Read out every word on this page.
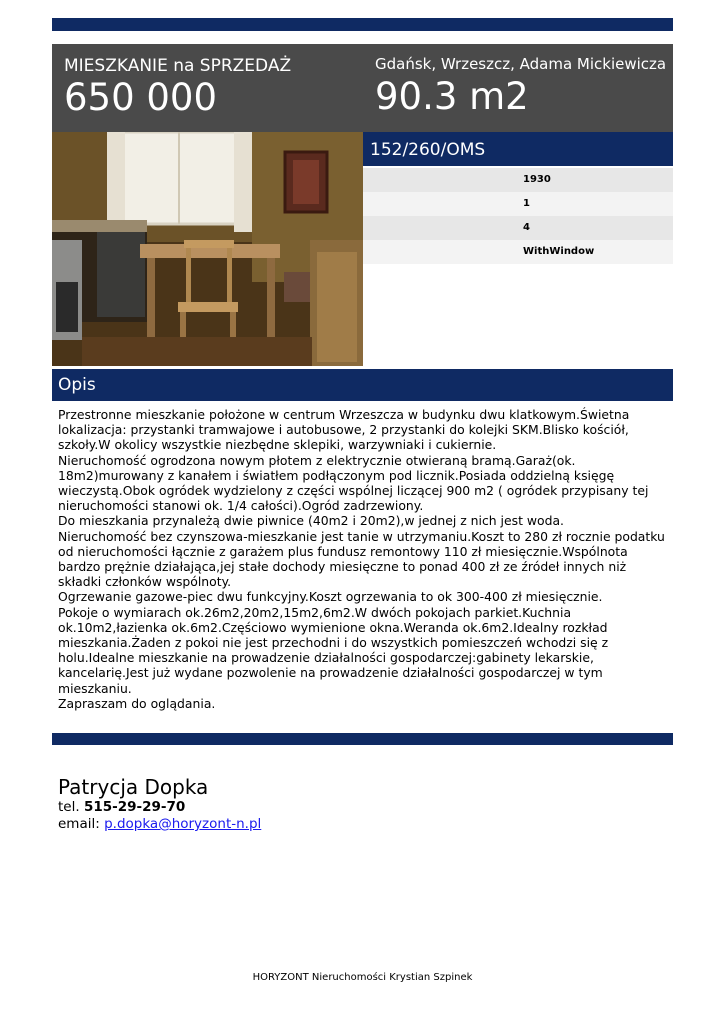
MIESZKANIE na SPRZEDAŻ
650 000
Gdańsk, Wrzeszcz, Adama Mickiewicza
90.3 m2
152/260/OMS
1930
1
4
WithWindow
Opis

Przestronne mieszkanie położone w centrum Wrzeszcza w budynku dwu klatkowym.Świetna lokalizacja: przystanki tramwajowe i autobusowe, 2 przystanki do kolejki SKM.Blisko kościół, szkoły.W okolicy wszystkie niezbędne sklepiki, warzywniaki i cukiernie.

Nieruchomość ogrodzona nowym płotem z elektrycznie otwieraną bramą.Garaż(ok. 18m2)murowany z kanałem i światłem podłączonym pod licznik.Posiada oddzielną księgę wieczystą.Obok ogródek wydzielony z części wspólnej liczącej 900 m2 ( ogródek przypisany tej nieruchomości stanowi ok. 1/4 całości).Ogród zadrzewiony.

Do mieszkania przynależą dwie piwnice (40m2 i 20m2),w jednej z nich jest woda.

Nieruchomość bez czynszowa-mieszkanie jest tanie w utrzymaniu.Koszt to 280 zł rocznie podatku od nieruchomości łącznie z garażem plus fundusz remontowy 110 zł miesięcznie.Wspólnota bardzo prężnie działająca,jej stałe dochody miesięczne to ponad 400 zł ze źródeł innych niż składki członków wspólnoty.

Ogrzewanie gazowe-piec dwu funkcyjny.Koszt ogrzewania to ok 300-400 zł miesięcznie.

Pokoje o wymiarach ok.26m2,20m2,15m2,6m2.W dwóch pokojach parkiet.Kuchnia ok.10m2,łazienka ok.6m2.Częściowo wymienione okna.Weranda ok.6m2.Idealny rozkład mieszkania.Żaden z pokoi nie jest przechodni i do wszystkich pomieszczeń wchodzi się z holu.Idealne mieszkanie na prowadzenie działalności gospodarczej:gabinety lekarskie, kancelarię.Jest już wydane pozwolenie na prowadzenie działalności gospodarczej w tym mieszkaniu.

Zapraszam do oglądania.

Patrycja Dopka
tel. 515-29-29-70
email: p.dopka@horyzont-n.pl
HORYZONT Nieruchomości Krystian Szpinek
